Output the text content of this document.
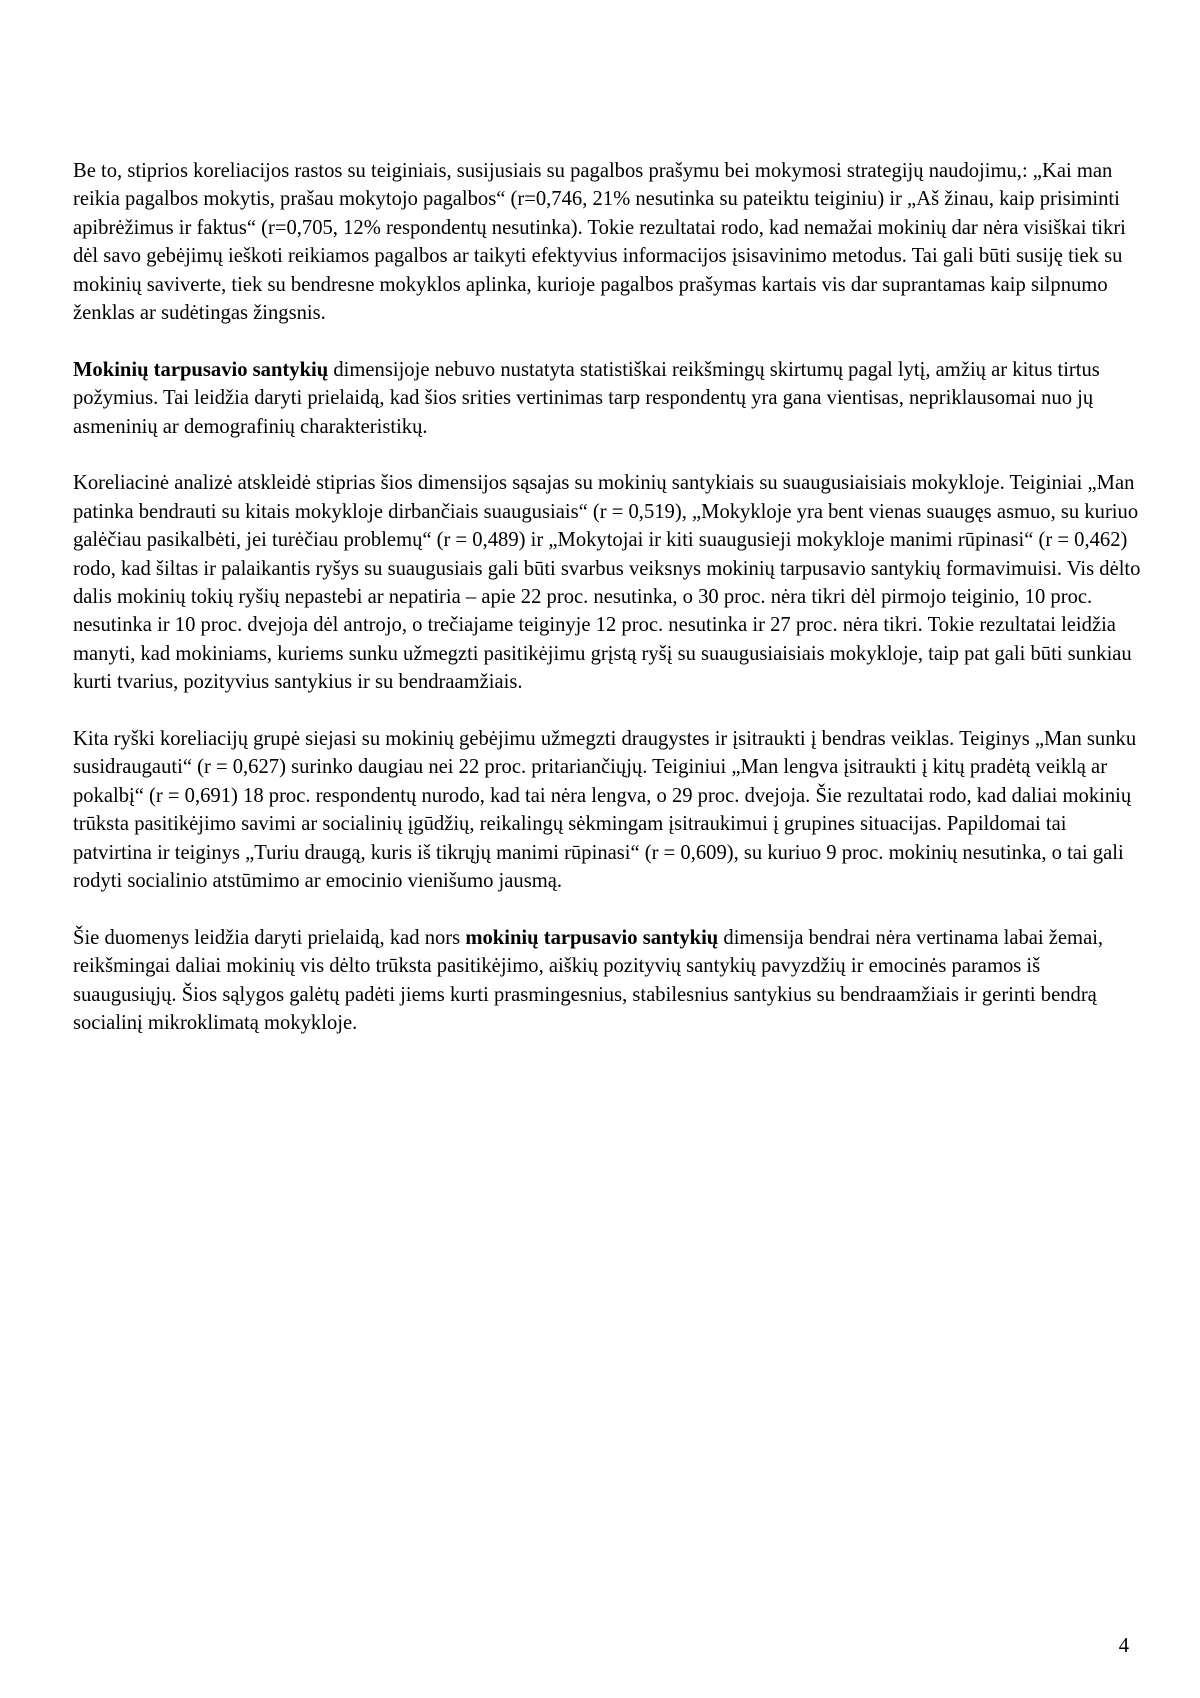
Be to, stiprios koreliacijos rastos su teiginiais, susijusiais su pagalbos prašymu bei mokymosi strategijų naudojimu,: „Kai man reikia pagalbos mokytis, prašau mokytojo pagalbos“ (r=0,746, 21% nesutinka su pateiktu teiginiu) ir „Aš žinau, kaip prisiminti apibrėžimus ir faktus“ (r=0,705, 12% respondentų nesutinka). Tokie rezultatai rodo, kad nemažai mokinių dar nėra visiškai tikri dėl savo gebėjimų ieškoti reikiamos pagalbos ar taikyti efektyvius informacijos įsisavinimo metodus. Tai gali būti susiję tiek su mokinių saviverte, tiek su bendresne mokyklos aplinka, kurioje pagalbos prašymas kartais vis dar suprantamas kaip silpnumo ženklas ar sudėtingas žingsnis.

Mokinių tarpusavio santykių dimensijoje nebuvo nustatyta statistiškai reikšmingų skirtumų pagal lytį, amžių ar kitus tirtus požymius. Tai leidžia daryti prielaidą, kad šios srities vertinimas tarp respondentų yra gana vientisas, nepriklausomai nuo jų asmeninių ar demografinių charakteristikų.

Koreliacinė analizė atskleidė stiprias šios dimensijos sąsajas su mokinių santykiais su suaugusiaisiais mokykloje. Teiginiai „Man patinka bendrauti su kitais mokykloje dirbančiais suaugusiais“ (r = 0,519), „Mokykloje yra bent vienas suaugęs asmuo, su kuriuo galėčiau pasikalbėti, jei turėčiau problemų“ (r = 0,489) ir „Mokytojai ir kiti suaugusieji mokykloje manimi rūpinasi“ (r = 0,462) rodo, kad šiltas ir palaikantis ryšys su suaugusiais gali būti svarbus veiksnys mokinių tarpusavio santykių formavimuisi. Vis dėlto dalis mokinių tokių ryšių nepastebi ar nepatiria – apie 22 proc. nesutinka, o 30 proc. nėra tikri dėl pirmojo teiginio, 10 proc. nesutinka ir 10 proc. dvejoja dėl antrojo, o trečiajame teiginyje 12 proc. nesutinka ir 27 proc. nėra tikri. Tokie rezultatai leidžia manyti, kad mokiniams, kuriems sunku užmegzti pasitikėjimu grįstą ryšį su suaugusiaisiais mokykloje, taip pat gali būti sunkiau kurti tvarius, pozityvius santykius ir su bendraamžiais.

Kita ryški koreliacijų grupė siejasi su mokinių gebėjimu užmegzti draugystes ir įsitraukti į bendras veiklas. Teiginys „Man sunku susidraugauti“ (r = 0,627) surinko daugiau nei 22 proc. pritariančiųjų. Teiginiui „Man lengva įsitraukti į kitų pradėtą veiklą ar pokalbį“ (r = 0,691) 18 proc. respondentų nurodo, kad tai nėra lengva, o 29 proc. dvejoja. Šie rezultatai rodo, kad daliai mokinių trūksta pasitikėjimo savimi ar socialinių įgūdžių, reikalingų sėkmingam įsitraukimui į grupines situacijas. Papildomai tai patvirtina ir teiginys „Turiu draugą, kuris iš tikrųjų manimi rūpinasi“ (r = 0,609), su kuriuo 9 proc. mokinių nesutinka, o tai gali rodyti socialinio atstūmimo ar emocinio vienišumo jausmą.

Šie duomenys leidžia daryti prielaidą, kad nors mokinių tarpusavio santykių dimensija bendrai nėra vertinama labai žemai, reikšmingai daliai mokinių vis dėlto trūksta pasitikėjimo, aiškių pozityvių santykių pavyzdžių ir emocinės paramos iš suaugusiųjų. Šios sąlygos galėtų padėti jiems kurti prasmingesnius, stabilesnius santykius su bendraamžiais ir gerinti bendrą socialinį mikroklimatą mokykloje.

4
